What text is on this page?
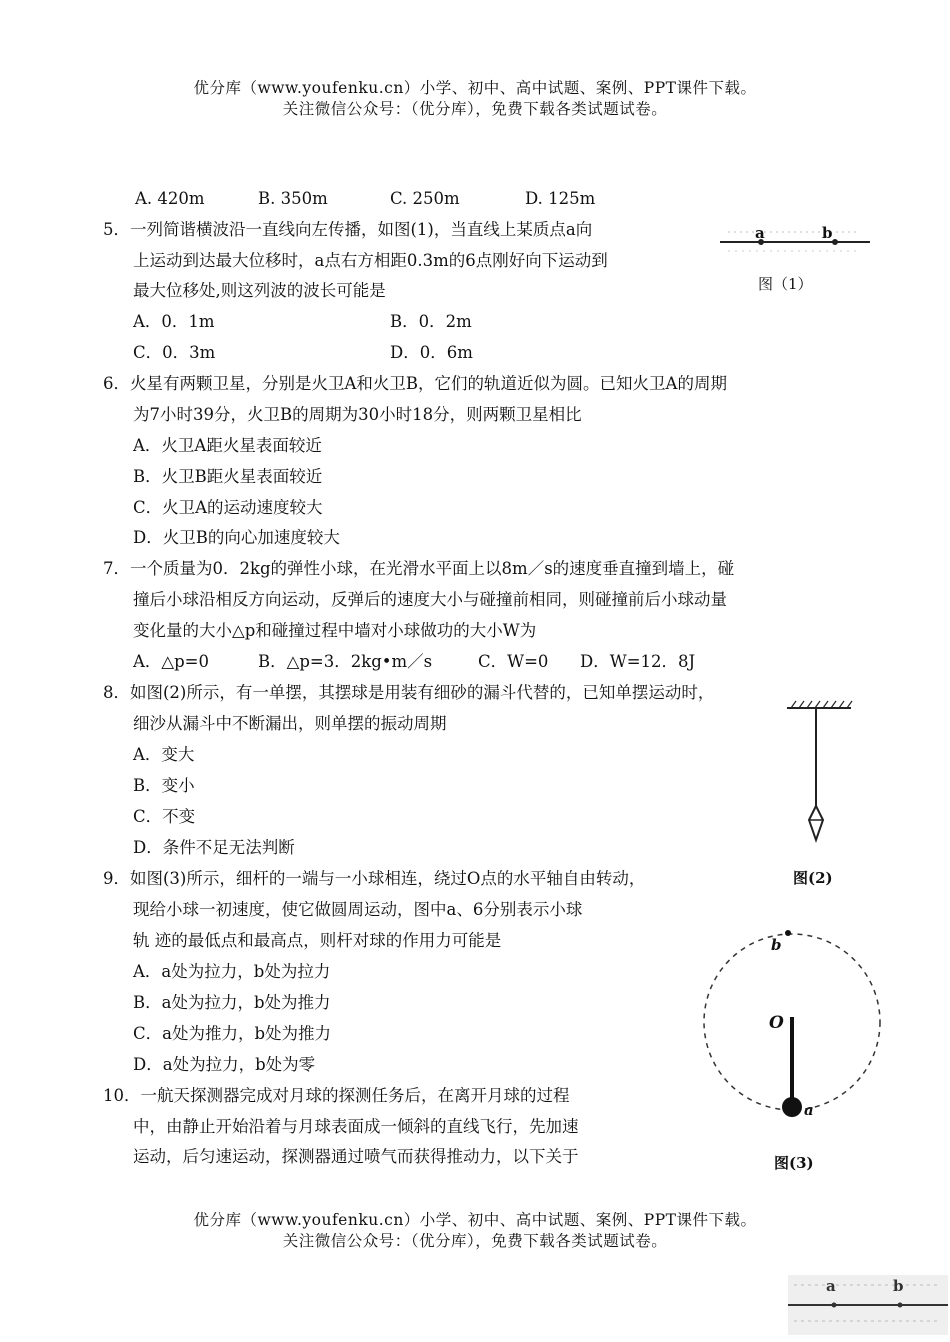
优分库（www.youfenku.cn）小学、初中、高中试题、案例、PPT课件下载。
关注微信公众号：（优分库），免费下载各类试题试卷。
A. 420m	B. 350m	C. 250m	D. 125m
5．一列简谐横波沿一直线向左传播，如图(1)，当直线上某质点a向
上运动到达最大位移时，a点右方相距0.3m的6点刚好向下运动到
最大位移处,则这列波的波长可能是
A．0．1m	B．0．2m
C．0．3m	D．0．6m
a	b
图（1）
6．火星有两颗卫星，分别是火卫A和火卫B，它们的轨道近似为圆。已知火卫A的周期
为7小时39分，火卫B的周期为30小时18分，则两颗卫星相比
A．火卫A距火星表面较近
B．火卫B距火星表面较近
C．火卫A的运动速度较大
D．火卫B的向心加速度较大
7．一个质量为0．2kg的弹性小球，在光滑水平面上以8m／s的速度垂直撞到墙上，碰
撞后小球沿相反方向运动，反弹后的速度大小与碰撞前相同，则碰撞前后小球动量
变化量的大小△p和碰撞过程中墙对小球做功的大小W为
A．△p=0	B．△p=3．2kg•m／s	C．W=0 D．W=12．8J
8．如图(2)所示，有一单摆，其摆球是用装有细砂的漏斗代替的，已知单摆运动时，
细沙从漏斗中不断漏出，则单摆的振动周期
A．变大
B．变小
C．不变
D．条件不足无法判断
图(2)
9．如图(3)所示，细杆的一端与一小球相连，绕过O点的水平轴自由转动，
现给小球一初速度，使它做圆周运动，图中a、6分别表示小球
轨 迹的最低点和最高点，则杆对球的作用力可能是
A．a处为拉力，b处为拉力
B．a处为拉力，b处为推力
C．a处为推力，b处为推力
D．a处为拉力，b处为零
b
O
a
图(3)
10．一航天探测器完成对月球的探测任务后，在离开月球的过程
中，由静止开始沿着与月球表面成一倾斜的直线飞行，先加速
运动，后匀速运动，探测器通过喷气而获得推动力，以下关于
优分库（www.youfenku.cn）小学、初中、高中试题、案例、PPT课件下载。
关注微信公众号：（优分库），免费下载各类试题试卷。
a	b
